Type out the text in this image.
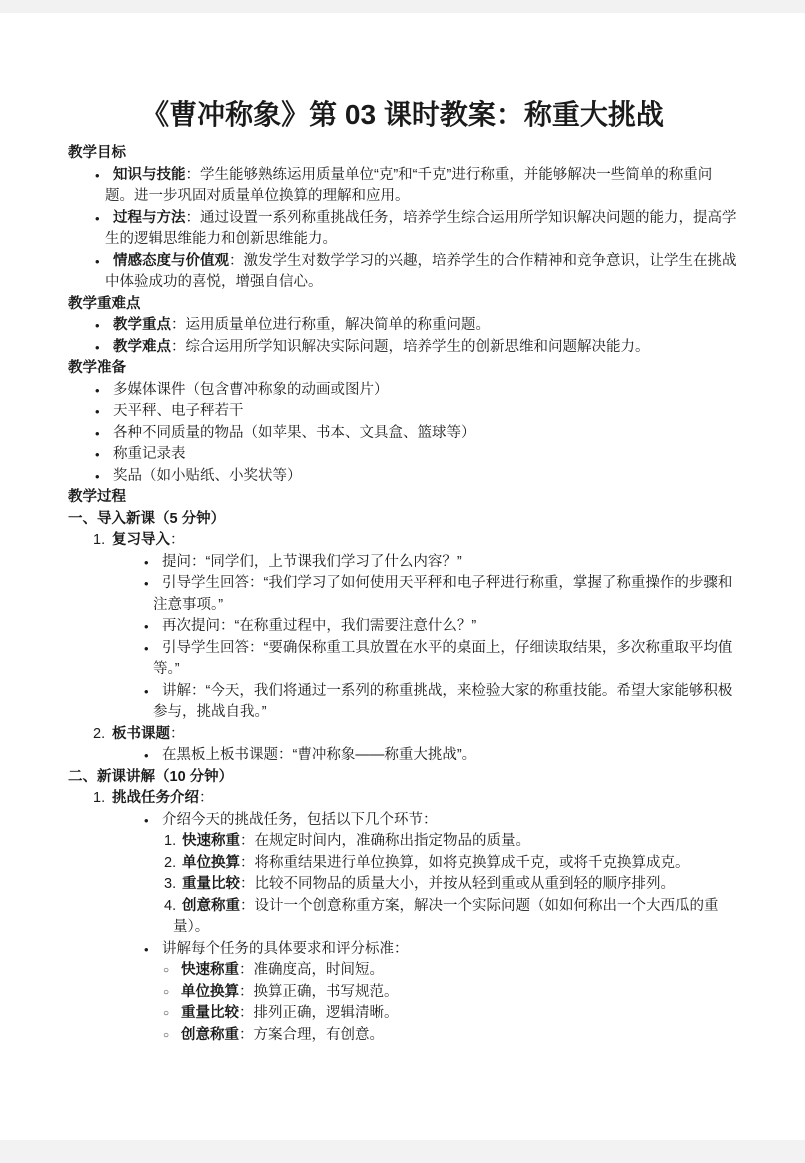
《曹冲称象》第 03 课时教案：称重大挑战
教学目标
• 知识与技能：学生能够熟练运用质量单位“克”和“千克”进行称重，并能够解决一些简单的称重问题。进一步巩固对质量单位换算的理解和应用。
• 过程与方法：通过设置一系列称重挑战任务，培养学生综合运用所学知识解决问题的能力，提高学生的逻辑思维能力和创新思维能力。
• 情感态度与价值观：激发学生对数学学习的兴趣，培养学生的合作精神和竞争意识，让学生在挑战中体验成功的喜悦，增强自信心。
教学重难点
• 教学重点：运用质量单位进行称重，解决简单的称重问题。
• 教学难点：综合运用所学知识解决实际问题，培养学生的创新思维和问题解决能力。
教学准备
• 多媒体课件（包含曹冲称象的动画或图片）
• 天平秤、电子秤若干
• 各种不同质量的物品（如苹果、书本、文具盒、篮球等）
• 称重记录表
• 奖品（如小贴纸、小奖状等）
教学过程
一、导入新课（5 分钟）
1. 复习导入：
• 提问：“同学们，上节课我们学习了什么内容？”
• 引导学生回答：“我们学习了如何使用天平秤和电子秤进行称重，掌握了称重操作的步骤和注意事项。”
• 再次提问：“在称重过程中，我们需要注意什么？”
• 引导学生回答：“要确保称重工具放置在水平的桌面上，仔细读取结果，多次称重取平均值等。”
• 讲解：“今天，我们将通过一系列的称重挑战，来检验大家的称重技能。希望大家能够积极参与，挑战自我。”
2. 板书课题：
• 在黑板上板书课题：“曹冲称象——称重大挑战”。
二、新课讲解（10 分钟）
1. 挑战任务介绍：
• 介绍今天的挑战任务，包括以下几个环节：
1. 快速称重：在规定时间内，准确称出指定物品的质量。
2. 单位换算：将称重结果进行单位换算，如将克换算成千克，或将千克换算成克。
3. 重量比较：比较不同物品的质量大小，并按从轻到重或从重到轻的顺序排列。
4. 创意称重：设计一个创意称重方案，解决一个实际问题（如如何称出一个大西瓜的重量）。
• 讲解每个任务的具体要求和评分标准：
○ 快速称重：准确度高，时间短。
○ 单位换算：换算正确，书写规范。
○ 重量比较：排列正确，逻辑清晰。
○ 创意称重：方案合理，有创意。
